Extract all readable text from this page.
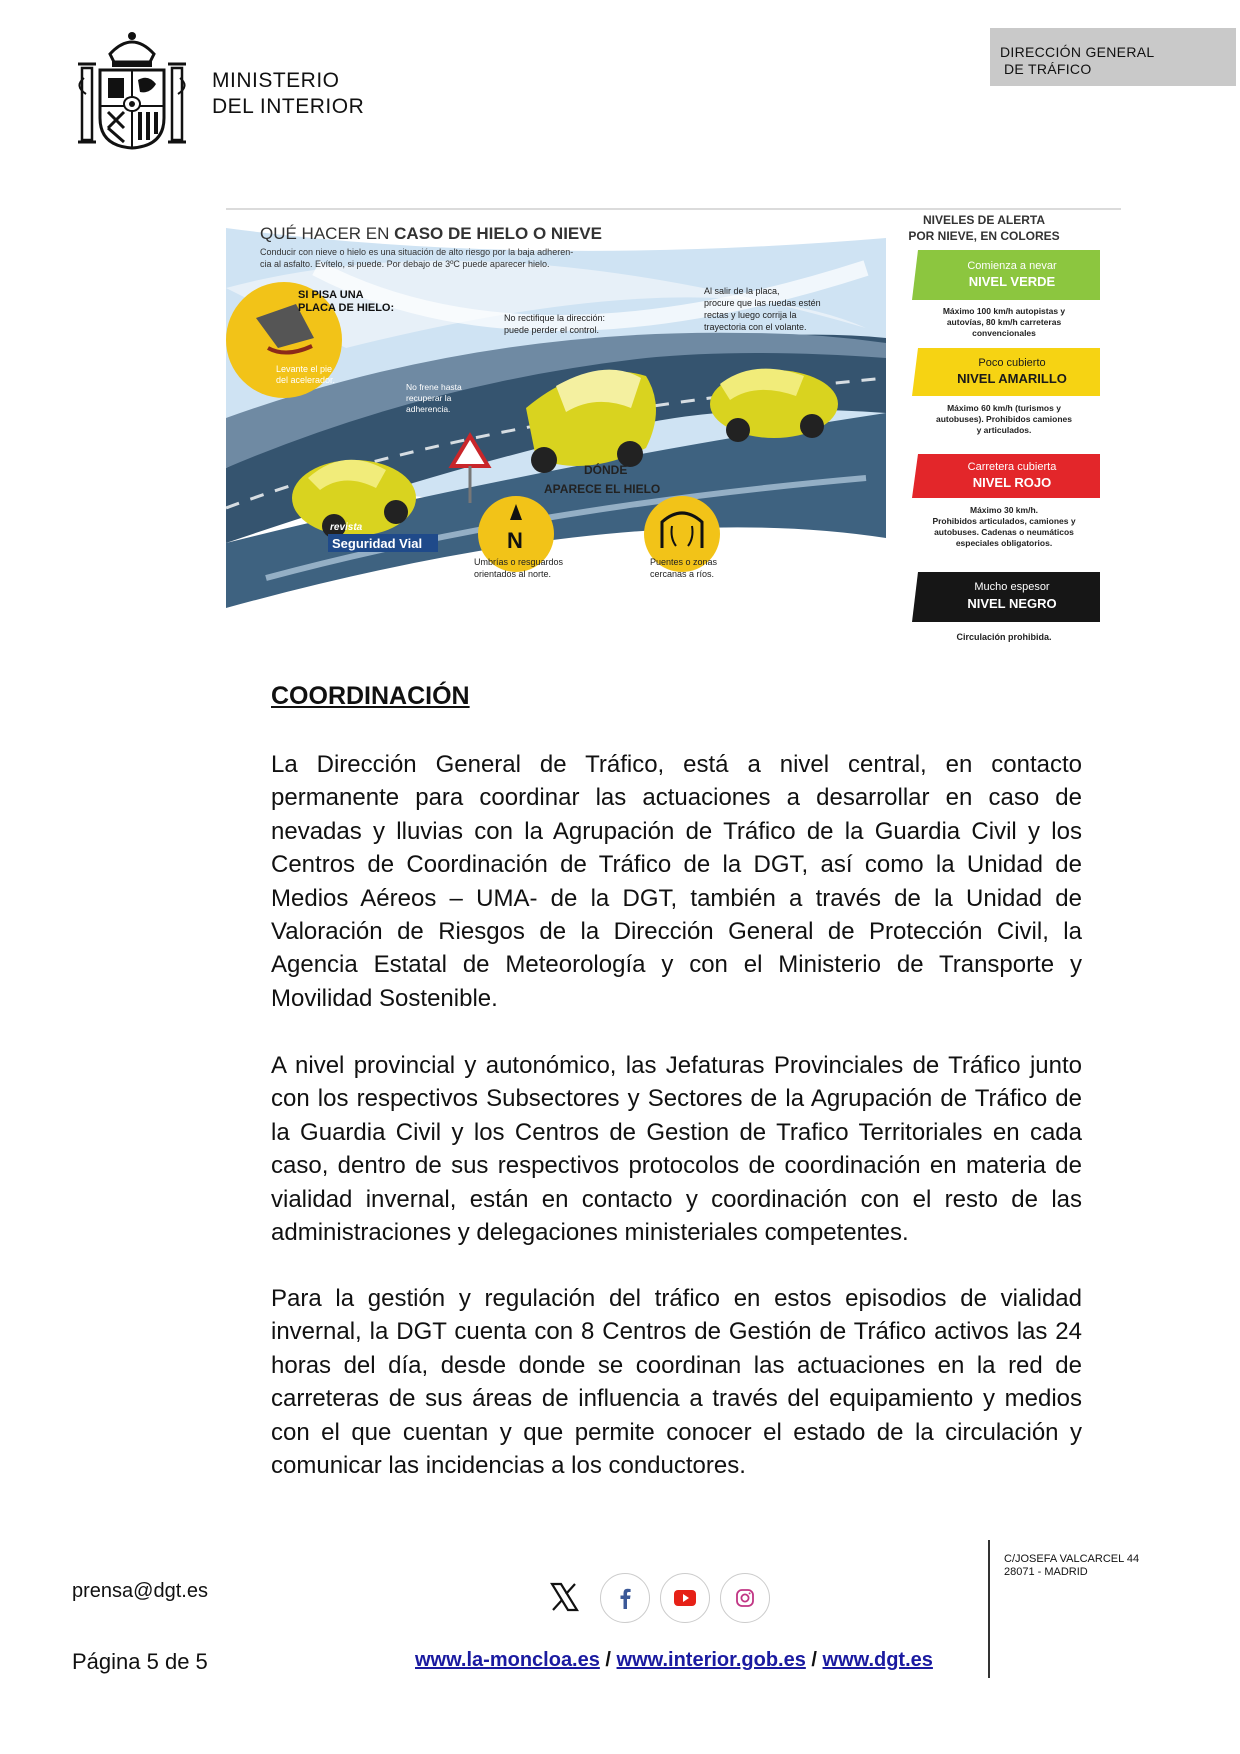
MINISTERIO
DEL INTERIOR
DIRECCIÓN GENERAL
DE TRÁFICO
QUÉ HACER EN CASO DE HIELO O NIEVE
Conducir con nieve o hielo es una situación de alto riesgo por la baja adheren-
cia al asfalto. Evítelo, si puede. Por debajo de 3ºC puede aparecer hielo.
SI PISA UNA
PLACA DE HIELO:
Levante el pie
del acelerador.
No frene hasta
recuperar la
adherencia.
No rectifique la dirección:
puede perder el control.
Al salir de la placa,
procure que las ruedas estén
rectas y luego corrija la
trayectoria con el volante.
DÓNDE
APARECE EL HIELO
N
Umbrías o resguardos
orientados al norte.
Puentes o zonas
cercanas a ríos.
revista
Seguridad Vial
NIVELES DE ALERTA
POR NIEVE, EN COLORES
Comienza a nevar
NIVEL VERDE
Máximo 100 km/h autopistas y
autovías, 80 km/h carreteras
convencionales
Poco cubierto
NIVEL AMARILLO
Máximo 60 km/h (turismos y
autobuses). Prohibidos camiones
y articulados.
Carretera cubierta
NIVEL ROJO
Máximo 30 km/h.
Prohibidos articulados, camiones y
autobuses. Cadenas o neumáticos
especiales obligatorios.
Mucho espesor
NIVEL NEGRO
Circulación prohibida.
COORDINACIÓN

La Dirección General de Tráfico, está a nivel central, en contacto permanente para coordinar las actuaciones a desarrollar en caso de nevadas y lluvias con la Agrupación de Tráfico de la Guardia Civil y los Centros de Coordinación de Tráfico de la DGT, así como la Unidad de Medios Aéreos – UMA- de la DGT, también a través de la Unidad de Valoración de Riesgos de la Dirección General de Protección Civil, la Agencia Estatal de Meteorología y con el Ministerio de Transporte y Movilidad Sostenible.

A nivel provincial y autonómico, las Jefaturas Provinciales de Tráfico junto con los respectivos Subsectores y Sectores de la Agrupación de Tráfico de la Guardia Civil y los Centros de Gestion de Trafico Territoriales en cada caso, dentro de sus respectivos protocolos de coordinación en materia de vialidad invernal, están en contacto y coordinación con el resto de las administraciones y delegaciones ministeriales competentes.

Para la gestión y regulación del tráfico en estos episodios de vialidad invernal, la DGT cuenta con 8 Centros de Gestión de Tráfico activos las 24 horas del día, desde donde se coordinan las actuaciones en la red de carreteras de sus áreas de influencia a través del equipamiento y medios con el que cuentan y que permite conocer el estado de la circulación y comunicar las incidencias a los conductores.

prensa@dgt.es
Página 5 de 5	www.la-moncloa.es / www.interior.gob.es / www.dgt.es
C/JOSEFA VALCARCEL 44
28071 - MADRID
